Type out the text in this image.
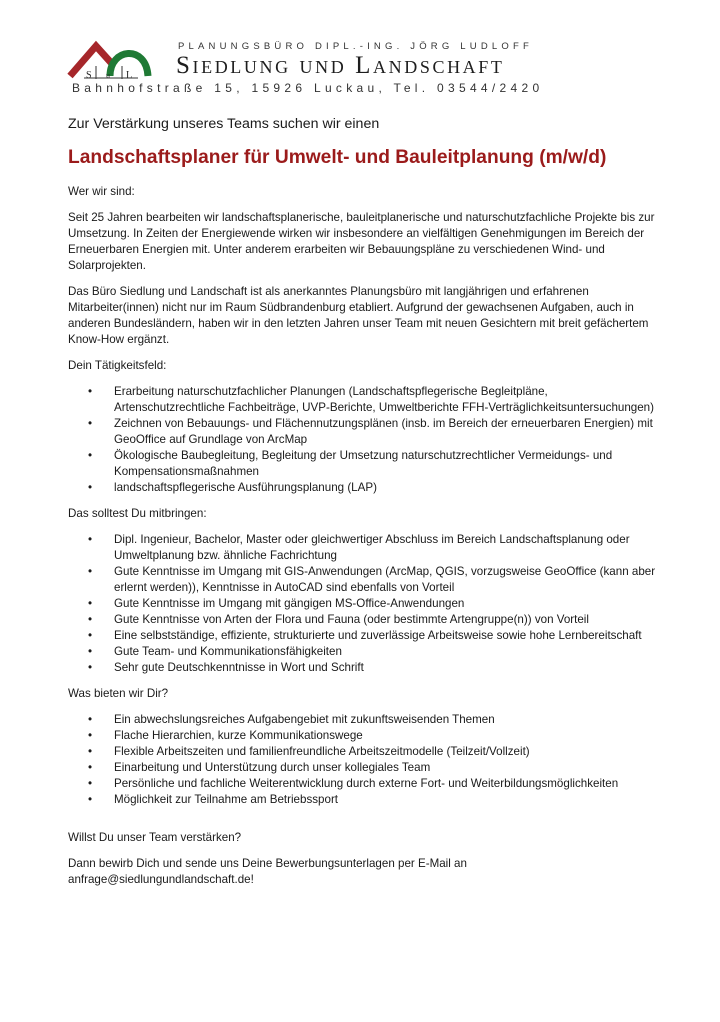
S u L
PLANUNGSBÜRO DIPL.-ING. JÖRG LUDLOFF
Siedlung und Landschaft
Bahnhofstraße 15, 15926 Luckau, Tel. 03544/2420
Zur Verstärkung unseres Teams suchen wir einen
Landschaftsplaner für Umwelt- und Bauleitplanung (m/w/d)
Wer wir sind:

Seit 25 Jahren bearbeiten wir landschaftsplanerische, bauleitplanerische und naturschutzfachliche Projekte bis zur Umsetzung. In Zeiten der Energiewende wirken wir insbesondere an vielfältigen Genehmigungen im Bereich der Erneuerbaren Energien mit. Unter anderem erarbeiten wir Bebauungspläne zu verschiedenen Wind- und Solarprojekten.

Das Büro Siedlung und Landschaft ist als anerkanntes Planungsbüro mit langjährigen und erfahrenen Mitarbeiter(innen) nicht nur im Raum Südbrandenburg etabliert. Aufgrund der gewachsenen Aufgaben, auch in anderen Bundesländern, haben wir in den letzten Jahren unser Team mit neuen Gesichtern mit breit gefächertem Know-How ergänzt.

Dein Tätigkeitsfeld:
• Erarbeitung naturschutzfachlicher Planungen (Landschaftspflegerische Begleitpläne, Artenschutzrechtliche Fachbeiträge, UVP-Berichte, Umweltberichte FFH-Verträglichkeitsuntersuchungen)
• Zeichnen von Bebauungs- und Flächennutzungsplänen (insb. im Bereich der erneuerbaren Energien) mit GeoOffice auf Grundlage von ArcMap
• Ökologische Baubegleitung, Begleitung der Umsetzung naturschutzrechtlicher Vermeidungs- und Kompensationsmaßnahmen
• landschaftspflegerische Ausführungsplanung (LAP)
Das solltest Du mitbringen:
• Dipl. Ingenieur, Bachelor, Master oder gleichwertiger Abschluss im Bereich Landschaftsplanung oder Umweltplanung bzw. ähnliche Fachrichtung
• Gute Kenntnisse im Umgang mit GIS-Anwendungen (ArcMap, QGIS, vorzugsweise GeoOffice (kann aber erlernt werden)), Kenntnisse in AutoCAD sind ebenfalls von Vorteil
• Gute Kenntnisse im Umgang mit gängigen MS-Office-Anwendungen
• Gute Kenntnisse von Arten der Flora und Fauna (oder bestimmte Artengruppe(n)) von Vorteil
• Eine selbstständige, effiziente, strukturierte und zuverlässige Arbeitsweise sowie hohe Lernbereitschaft
• Gute Team- und Kommunikationsfähigkeiten
• Sehr gute Deutschkenntnisse in Wort und Schrift
Was bieten wir Dir?
• Ein abwechslungsreiches Aufgabengebiet mit zukunftsweisenden Themen
• Flache Hierarchien, kurze Kommunikationswege
• Flexible Arbeitszeiten und familienfreundliche Arbeitszeitmodelle (Teilzeit/Vollzeit)
• Einarbeitung und Unterstützung durch unser kollegiales Team
• Persönliche und fachliche Weiterentwicklung durch externe Fort- und Weiterbildungsmöglichkeiten
• Möglichkeit zur Teilnahme am Betriebssport

Willst Du unser Team verstärken?

Dann bewirb Dich und sende uns Deine Bewerbungsunterlagen per E-Mail an
anfrage@siedlungundlandschaft.de!
